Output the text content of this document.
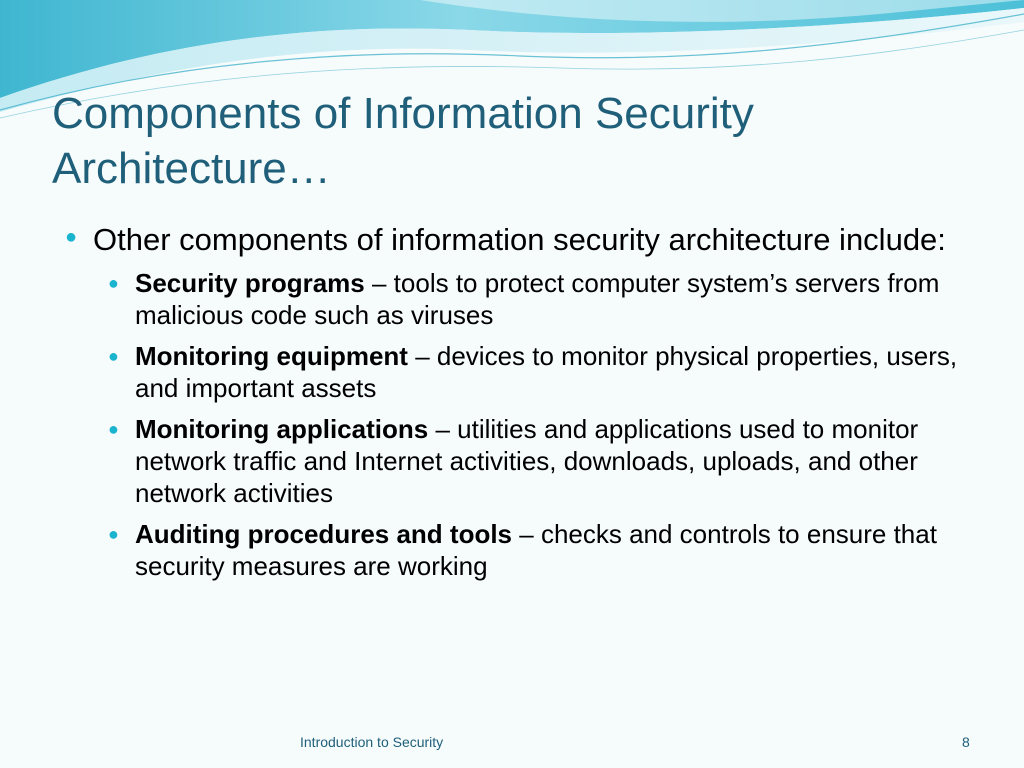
Components of Information Security Architecture…
● Other components of information security architecture include:
● Security programs – tools to protect computer system’s servers from malicious code such as viruses
● Monitoring equipment – devices to monitor physical properties, users, and important assets
● Monitoring applications – utilities and applications used to monitor network traffic and Internet activities, downloads, uploads, and other network activities
● Auditing procedures and tools – checks and controls to ensure that security measures are working
Introduction to Security	8
